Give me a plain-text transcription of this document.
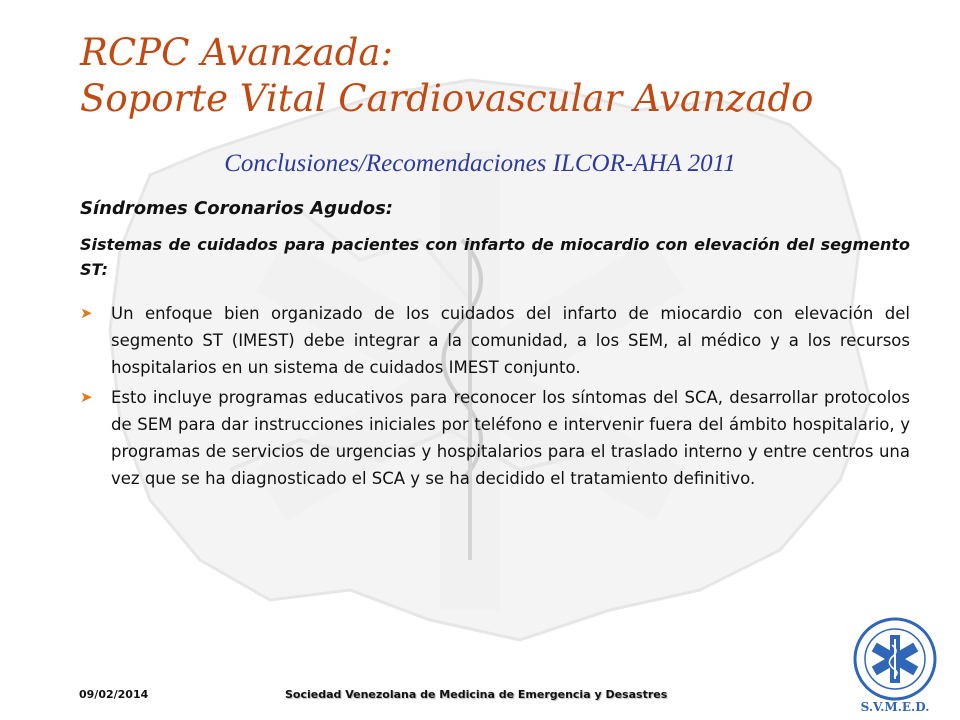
RCPC Avanzada:
Soporte Vital Cardiovascular Avanzado
Conclusiones/Recomendaciones ILCOR-AHA 2011
Síndromes Coronarios Agudos:
Sistemas de cuidados para pacientes con infarto de miocardio con elevación del segmento ST:
➤ Un enfoque bien organizado de los cuidados del infarto de miocardio con elevación del segmento ST (IMEST) debe integrar a la comunidad, a los SEM, al médico y a los recursos hospitalarios en un sistema de cuidados IMEST conjunto.
➤ Esto incluye programas educativos para reconocer los síntomas del SCA, desarrollar protocolos de SEM para dar instrucciones iniciales por teléfono e intervenir fuera del ámbito hospitalario, y programas de servicios de urgencias y hospitalarios para el traslado interno y entre centros una vez que se ha diagnosticado el SCA y se ha decidido el tratamiento definitivo.
09/02/2014	Sociedad Venezolana de Medicina de Emergencia y Desastres
S.V.M.E.D.
